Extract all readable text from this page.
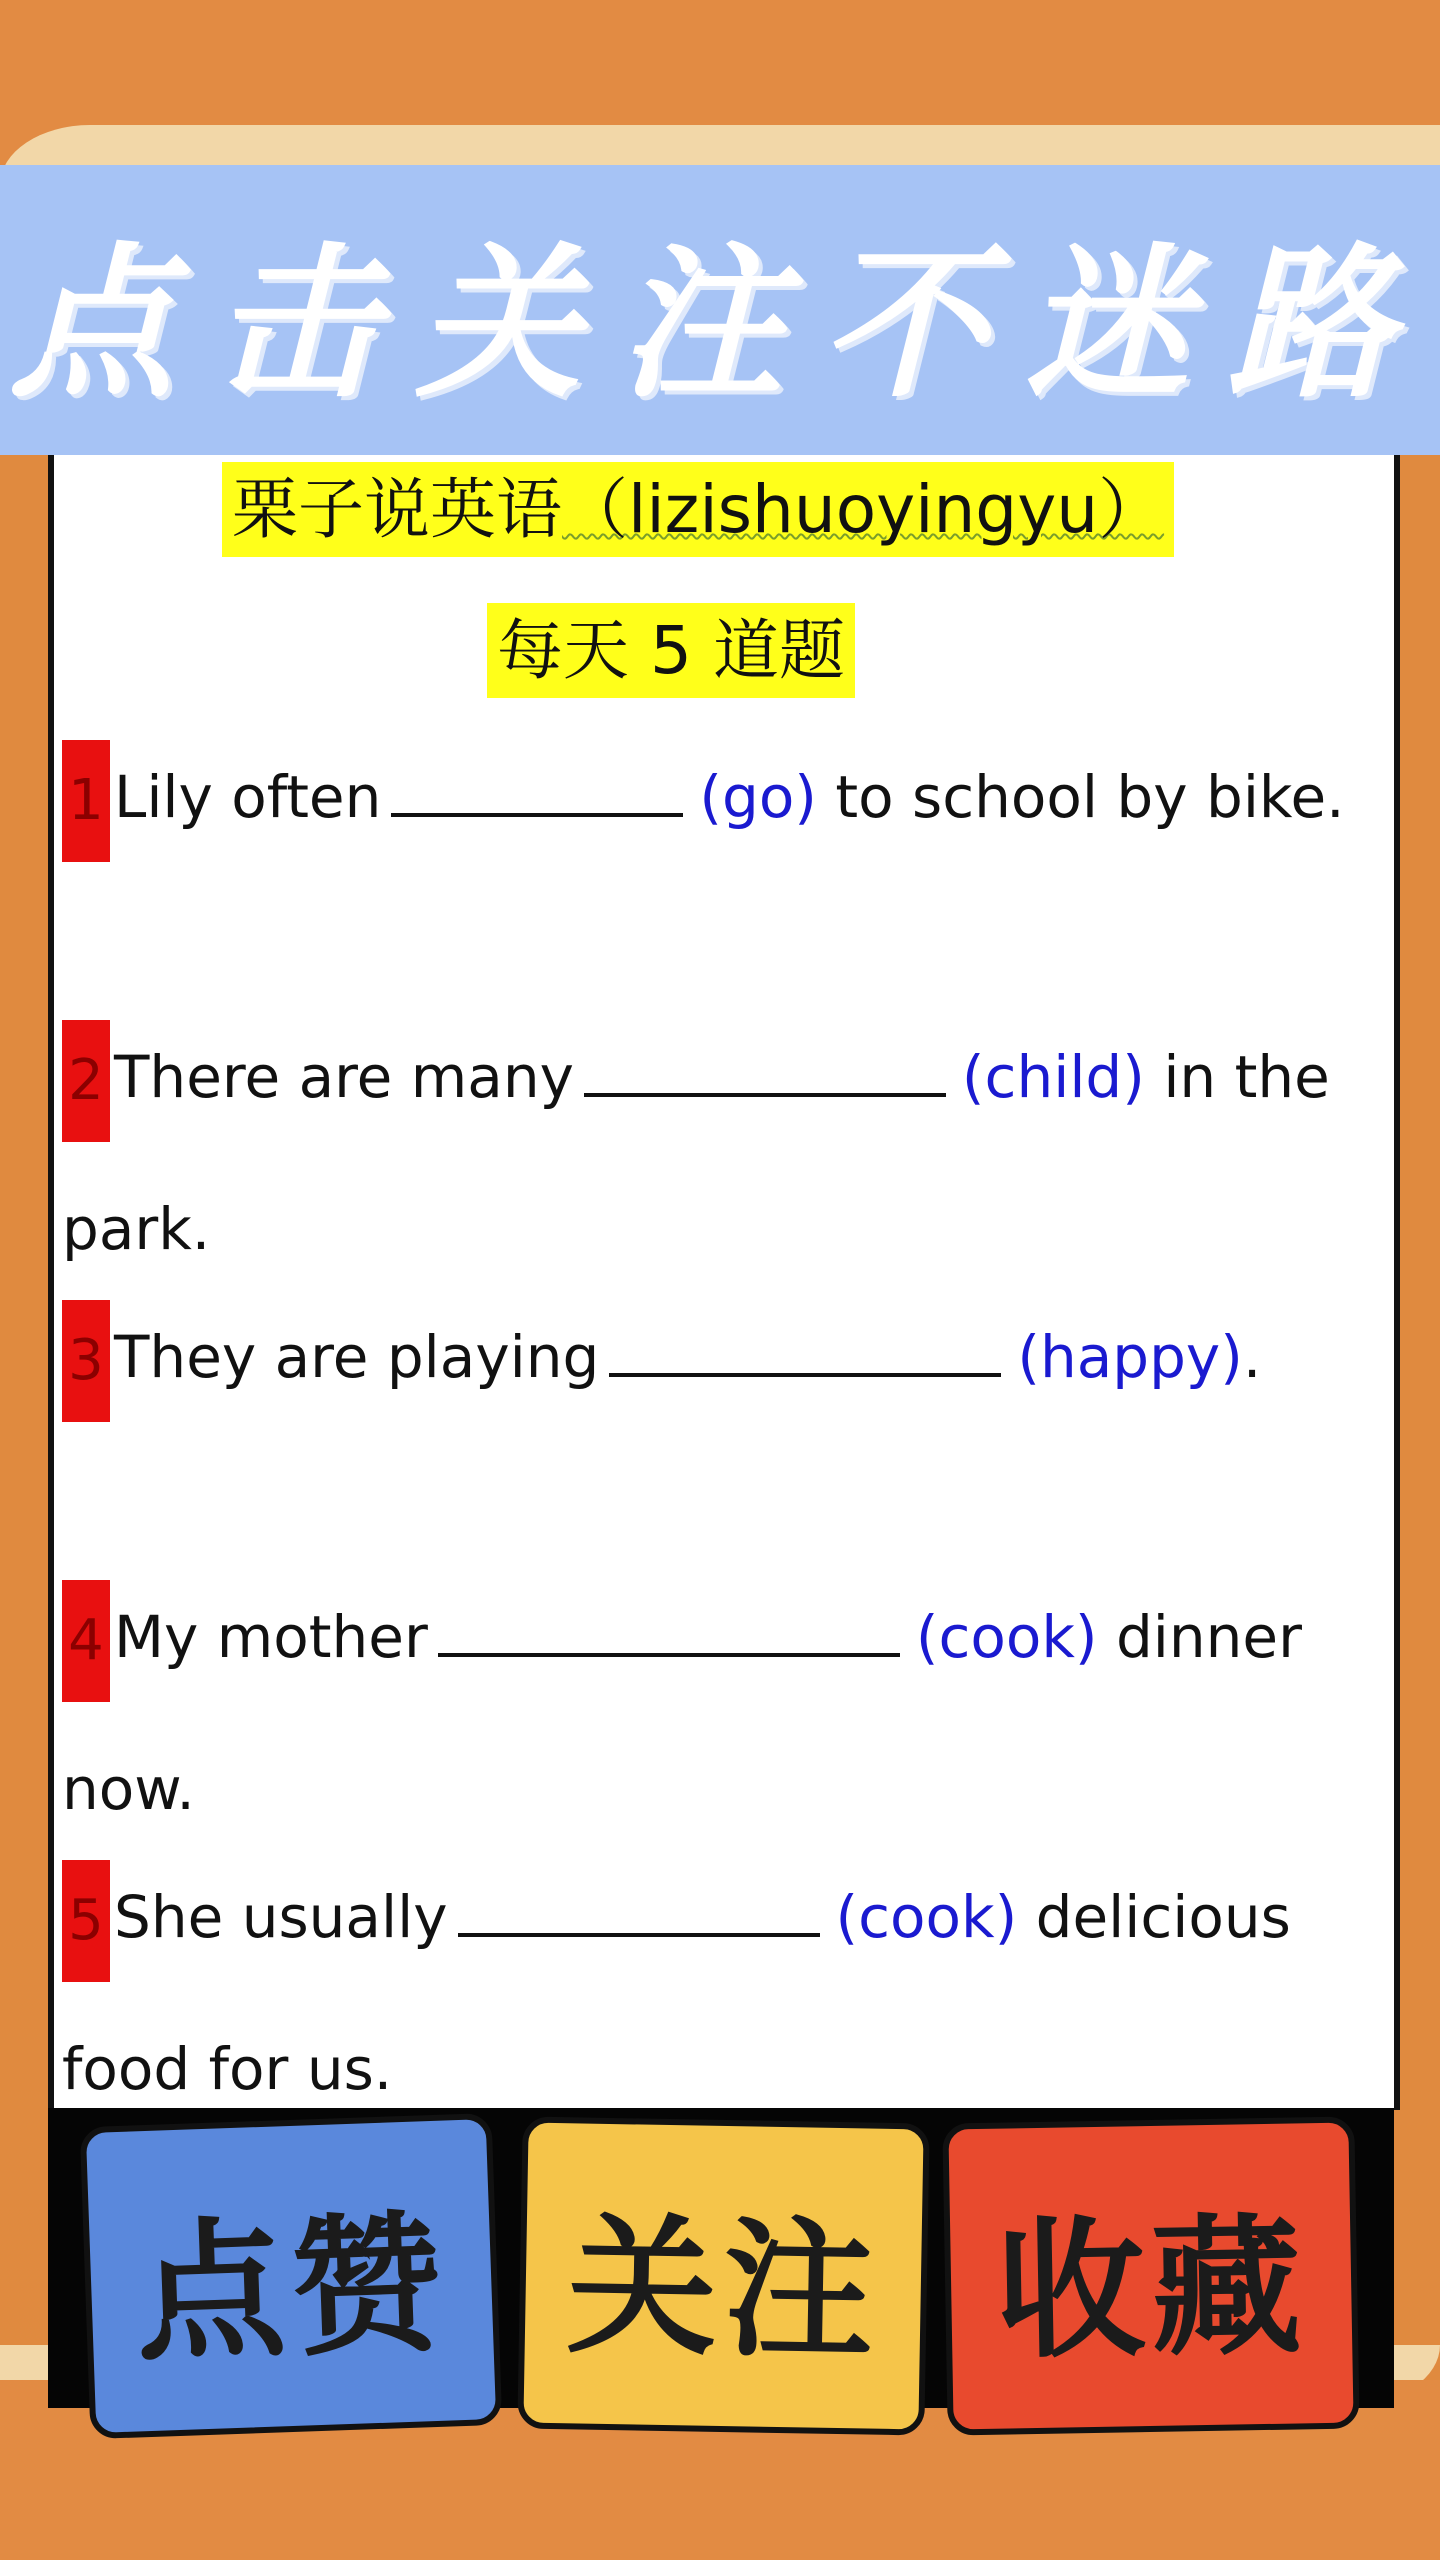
点击关注不迷路
栗子说英语（lizishuoyingyu）
每天 5 道题
1 Lily often	(go) to school by bike.
2 There are many	(child) in the
park.
3 They are playing	(happy).
4 My mother	(cook) dinner
now.
5 She usually	(cook) delicious
food for us.
点赞 关注 收藏
